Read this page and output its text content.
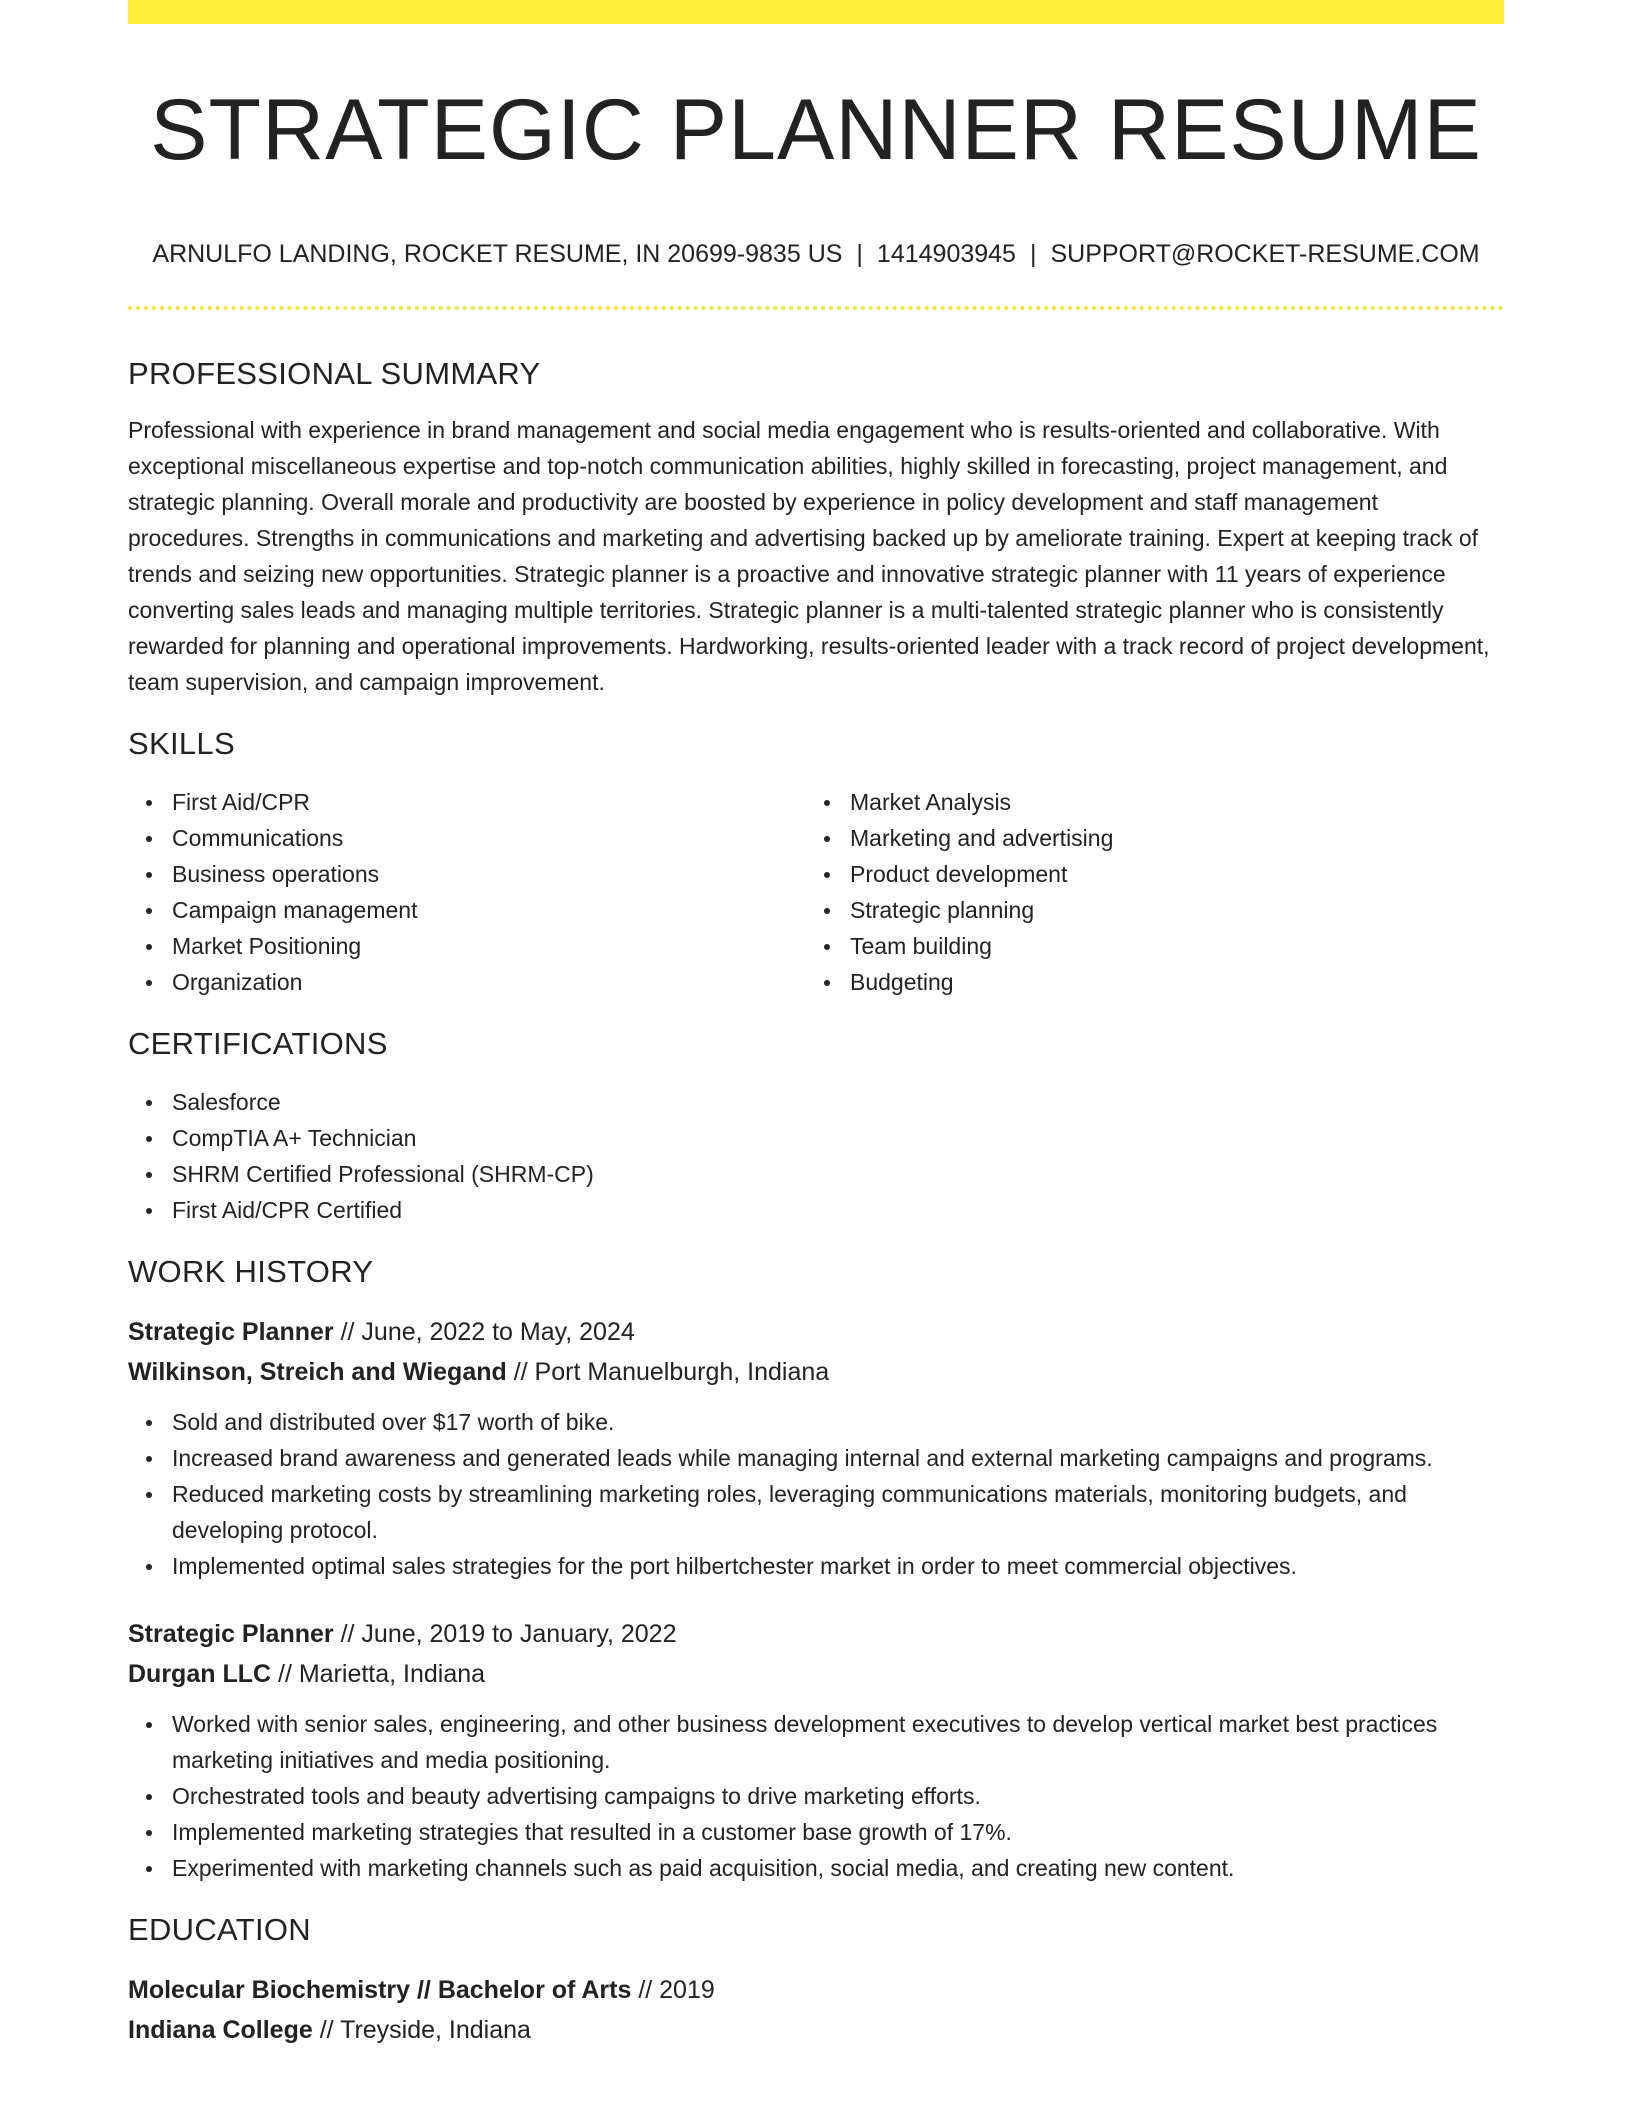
STRATEGIC PLANNER RESUME
ARNULFO LANDING, ROCKET RESUME, IN 20699-9835 US | 1414903945 | SUPPORT@ROCKET-RESUME.COM
PROFESSIONAL SUMMARY

Professional with experience in brand management and social media engagement who is results-oriented and collaborative. With exceptional miscellaneous expertise and top-notch communication abilities, highly skilled in forecasting, project management, and strategic planning. Overall morale and productivity are boosted by experience in policy development and staff management procedures. Strengths in communications and marketing and advertising backed up by ameliorate training. Expert at keeping track of trends and seizing new opportunities. Strategic planner is a proactive and innovative strategic planner with 11 years of experience converting sales leads and managing multiple territories. Strategic planner is a multi-talented strategic planner who is consistently rewarded for planning and operational improvements. Hardworking, results-oriented leader with a track record of project development, team supervision, and campaign improvement.

SKILLS
First Aid/CPR
Communications
Business operations
Campaign management
Market Positioning
Organization
Market Analysis
Marketing and advertising
Product development
Strategic planning
Team building
Budgeting
CERTIFICATIONS
Salesforce
CompTIA A+ Technician
SHRM Certified Professional (SHRM-CP)
First Aid/CPR Certified
WORK HISTORY
Strategic Planner // June, 2022 to May, 2024
Wilkinson, Streich and Wiegand // Port Manuelburgh, Indiana
Sold and distributed over $17 worth of bike.
Increased brand awareness and generated leads while managing internal and external marketing campaigns and programs.
Reduced marketing costs by streamlining marketing roles, leveraging communications materials, monitoring budgets, and developing protocol.
Implemented optimal sales strategies for the port hilbertchester market in order to meet commercial objectives.
Strategic Planner // June, 2019 to January, 2022
Durgan LLC // Marietta, Indiana
Worked with senior sales, engineering, and other business development executives to develop vertical market best practices marketing initiatives and media positioning.
Orchestrated tools and beauty advertising campaigns to drive marketing efforts.
Implemented marketing strategies that resulted in a customer base growth of 17%.
Experimented with marketing channels such as paid acquisition, social media, and creating new content.
EDUCATION
Molecular Biochemistry // Bachelor of Arts // 2019
Indiana College // Treyside, Indiana
